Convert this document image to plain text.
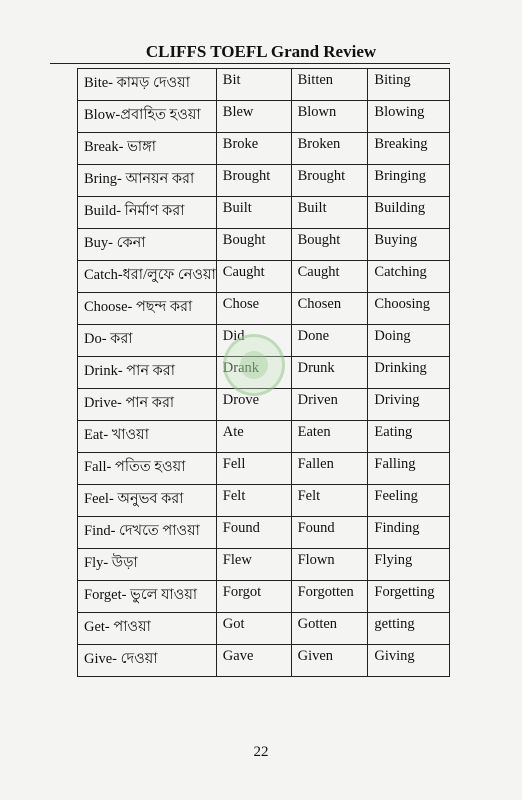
CLIFFS TOEFL Grand Review
Bite- কামড় দেওয়া	Bit	Bitten	Biting
Blow-প্রবাহিত হওয়া	Blew	Blown	Blowing
Break- ভাঙ্গা	Broke	Broken	Breaking
Bring- আনয়ন করা	Brought	Brought	Bringing
Build- নির্মাণ করা	Built	Built	Building
Buy- কেনা	Bought	Bought	Buying
Catch-ধরা/লুফে নেওয়া	Caught	Caught	Catching
Choose- পছন্দ করা	Chose	Chosen	Choosing
Do- করা	Did	Done	Doing
Drink- পান করা	Drank	Drunk	Drinking
Drive- পান করা	Drove	Driven	Driving
Eat- খাওয়া	Ate	Eaten	Eating
Fall- পতিত হওয়া	Fell	Fallen	Falling
Feel- অনুভব করা	Felt	Felt	Feeling
Find- দেখতে পাওয়া	Found	Found	Finding
Fly- উড়া	Flew	Flown	Flying
Forget- ভুলে যাওয়া	Forgot	Forgotten	Forgetting
Get- পাওয়া	Got	Gotten	getting
Give- দেওয়া	Gave	Given	Giving
22
